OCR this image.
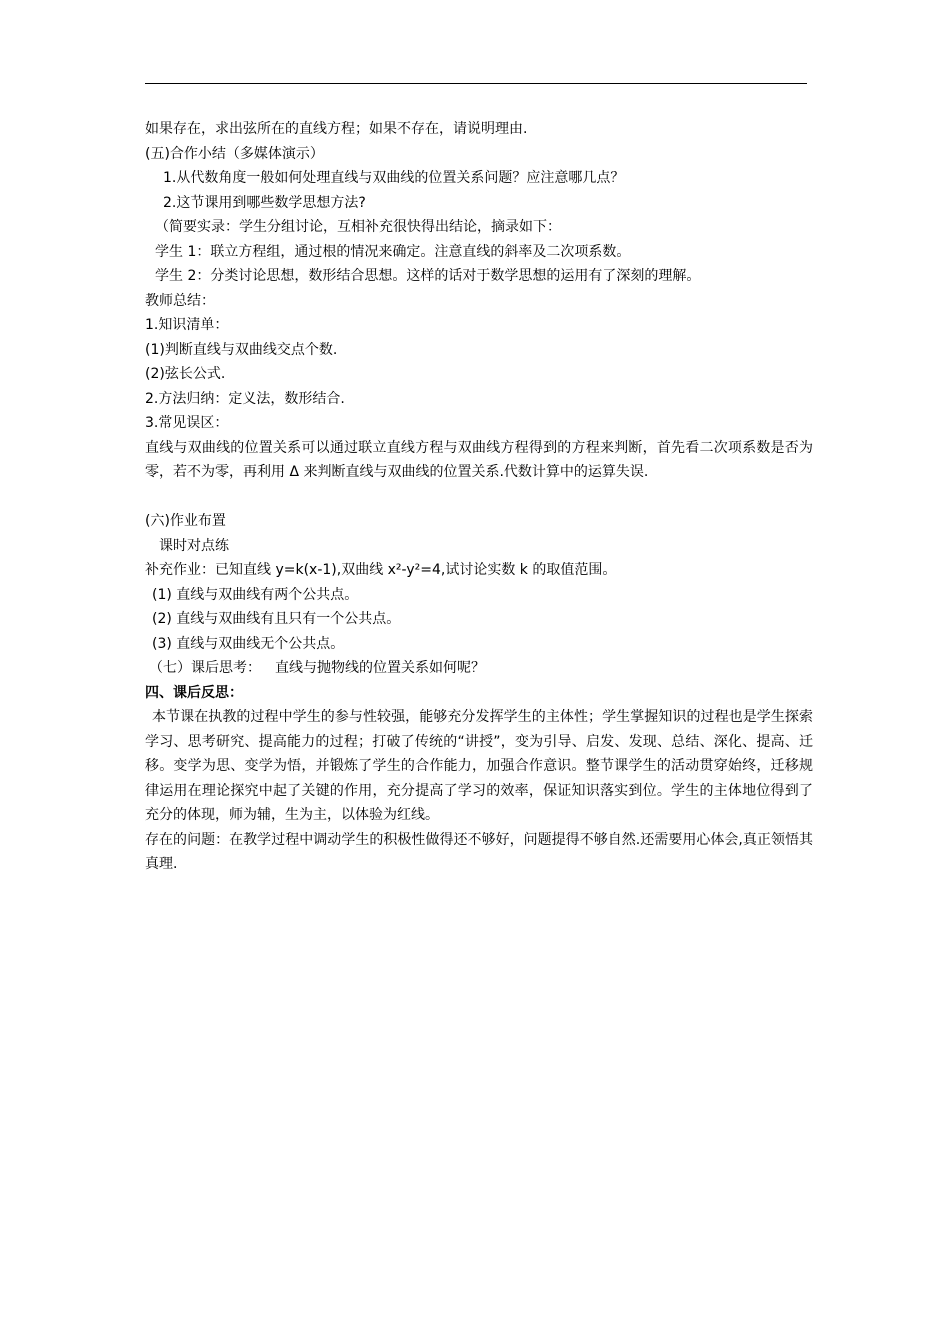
如果存在，求出弦所在的直线方程；如果不存在，请说明理由.

(五)合作小结（多媒体演示）

1.从代数角度一般如何处理直线与双曲线的位置关系问题？应注意哪几点？

2.这节课用到哪些数学思想方法?

（简要实录：学生分组讨论，互相补充很快得出结论，摘录如下：

学生 1：联立方程组，通过根的情况来确定。注意直线的斜率及二次项系数。

学生 2：分类讨论思想，数形结合思想。这样的话对于数学思想的运用有了深刻的理解。

教师总结：

1.知识清单：

(1)判断直线与双曲线交点个数.

(2)弦长公式.

2.方法归纳：定义法，数形结合.

3.常见误区：

直线与双曲线的位置关系可以通过联立直线方程与双曲线方程得到的方程来判断，首先看二次项系数是否为零，若不为零，再利用 Δ 来判断直线与双曲线的位置关系.代数计算中的运算失误.

(六)作业布置

课时对点练

补充作业：已知直线 y=k(x-1),双曲线 x²-y²=4,试讨论实数 k 的取值范围。

(1) 直线与双曲线有两个公共点。

(2) 直线与双曲线有且只有一个公共点。

(3) 直线与双曲线无个公共点。

（七）课后思考： 直线与抛物线的位置关系如何呢？

四、课后反思：

本节课在执教的过程中学生的参与性较强，能够充分发挥学生的主体性；学生掌握知识的过程也是学生探索学习、思考研究、提高能力的过程；打破了传统的“讲授”，变为引导、启发、发现、总结、深化、提高、迁移。变学为思、变学为悟，并锻炼了学生的合作能力，加强合作意识。整节课学生的活动贯穿始终，迁移规律运用在理论探究中起了关键的作用，充分提高了学习的效率，保证知识落实到位。学生的主体地位得到了充分的体现，师为辅，生为主，以体验为红线。

存在的问题：在教学过程中调动学生的积极性做得还不够好，问题提得不够自然.还需要用心体会,真正领悟其真理.
